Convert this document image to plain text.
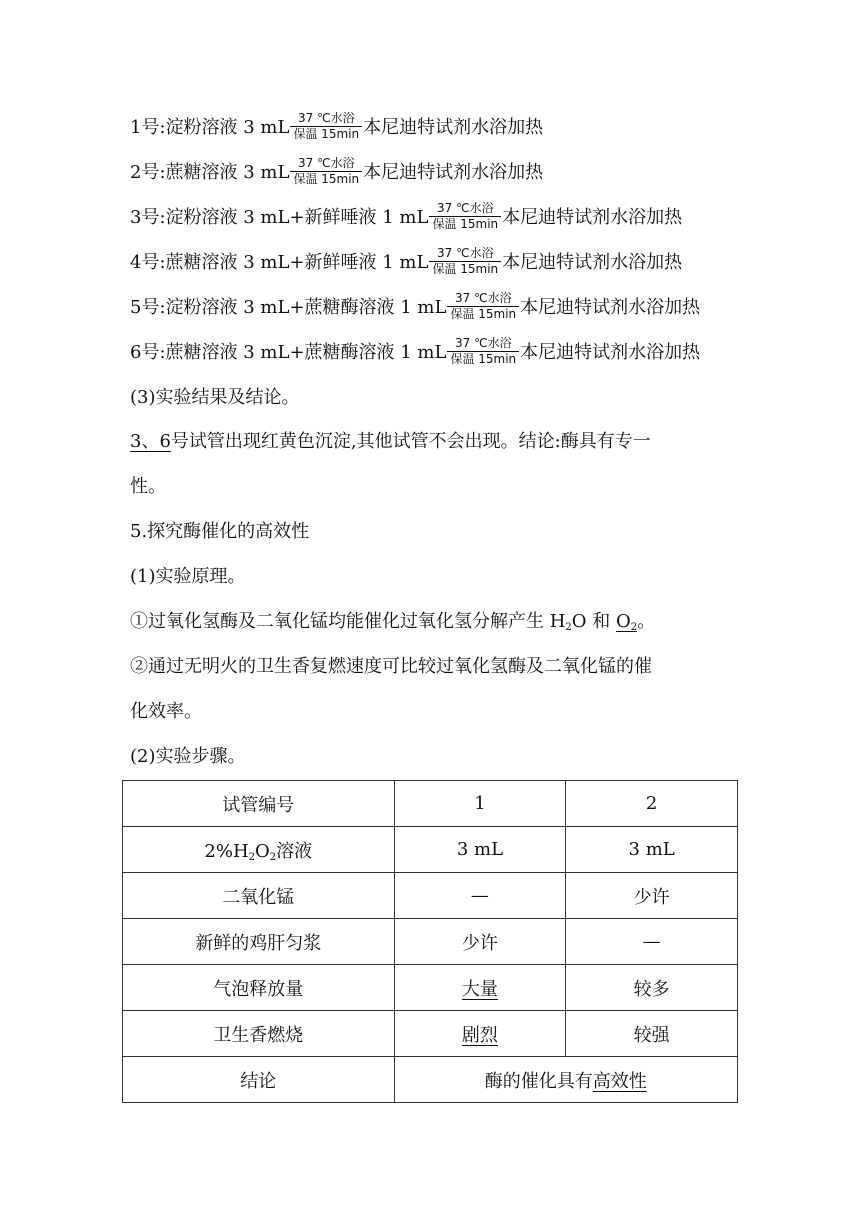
1号: 淀粉溶液 3 mL $\frac{\text{37 ℃水浴}}{\text{保温 15min}}$ 本尼迪特试剂水浴加热
2号: 蔗糖溶液 3 mL $\frac{\text{37 ℃水浴}}{\text{保温 15min}}$ 本尼迪特试剂水浴加热
3号: 淀粉溶液 3 mL +新鲜唾液 1 mL $\frac{\text{37 ℃水浴}}{\text{保温 15min}}$ 本尼迪特试剂水浴加热
4号: 蔗糖溶液 3 mL +新鲜唾液 1 mL $\frac{\text{37 ℃水浴}}{\text{保温 15min}}$ 本尼迪特试剂水浴加热
5号: 淀粉溶液 3 mL +蔗糖酶溶液 1 mL $\frac{\text{37 ℃水浴}}{\text{保温 15min}}$ 本尼迪特试剂水浴加热
6号: 蔗糖溶液 3 mL +蔗糖酶溶液 1 mL $\frac{\text{37 ℃水浴}}{\text{保温 15min}}$ 本尼迪特试剂水浴加热
(3)实验结果及结论。
3、6号试管出现红黄色沉淀,其他试管不会出现。结论:酶具有专一
性。
5.探究酶催化的高效性
(1)实验原理。
①过氧化氢酶及二氧化锰均能催化过氧化氢分解产生 $H_2O$ 和 $O_2$。
②通过无明火的卫生香复燃速度可比较过氧化氢酶及二氧化锰的催
化效率。
(2)实验步骤。
试管编号	1	2
$2\%H_2O_2$溶液	3 mL	3 mL
二氧化锰	—	少许
新鲜的鸡肝匀浆	少许	—
气泡释放量	大量	较多
卫生香燃烧	剧烈	较强
结论	酶的催化具有高效性	
